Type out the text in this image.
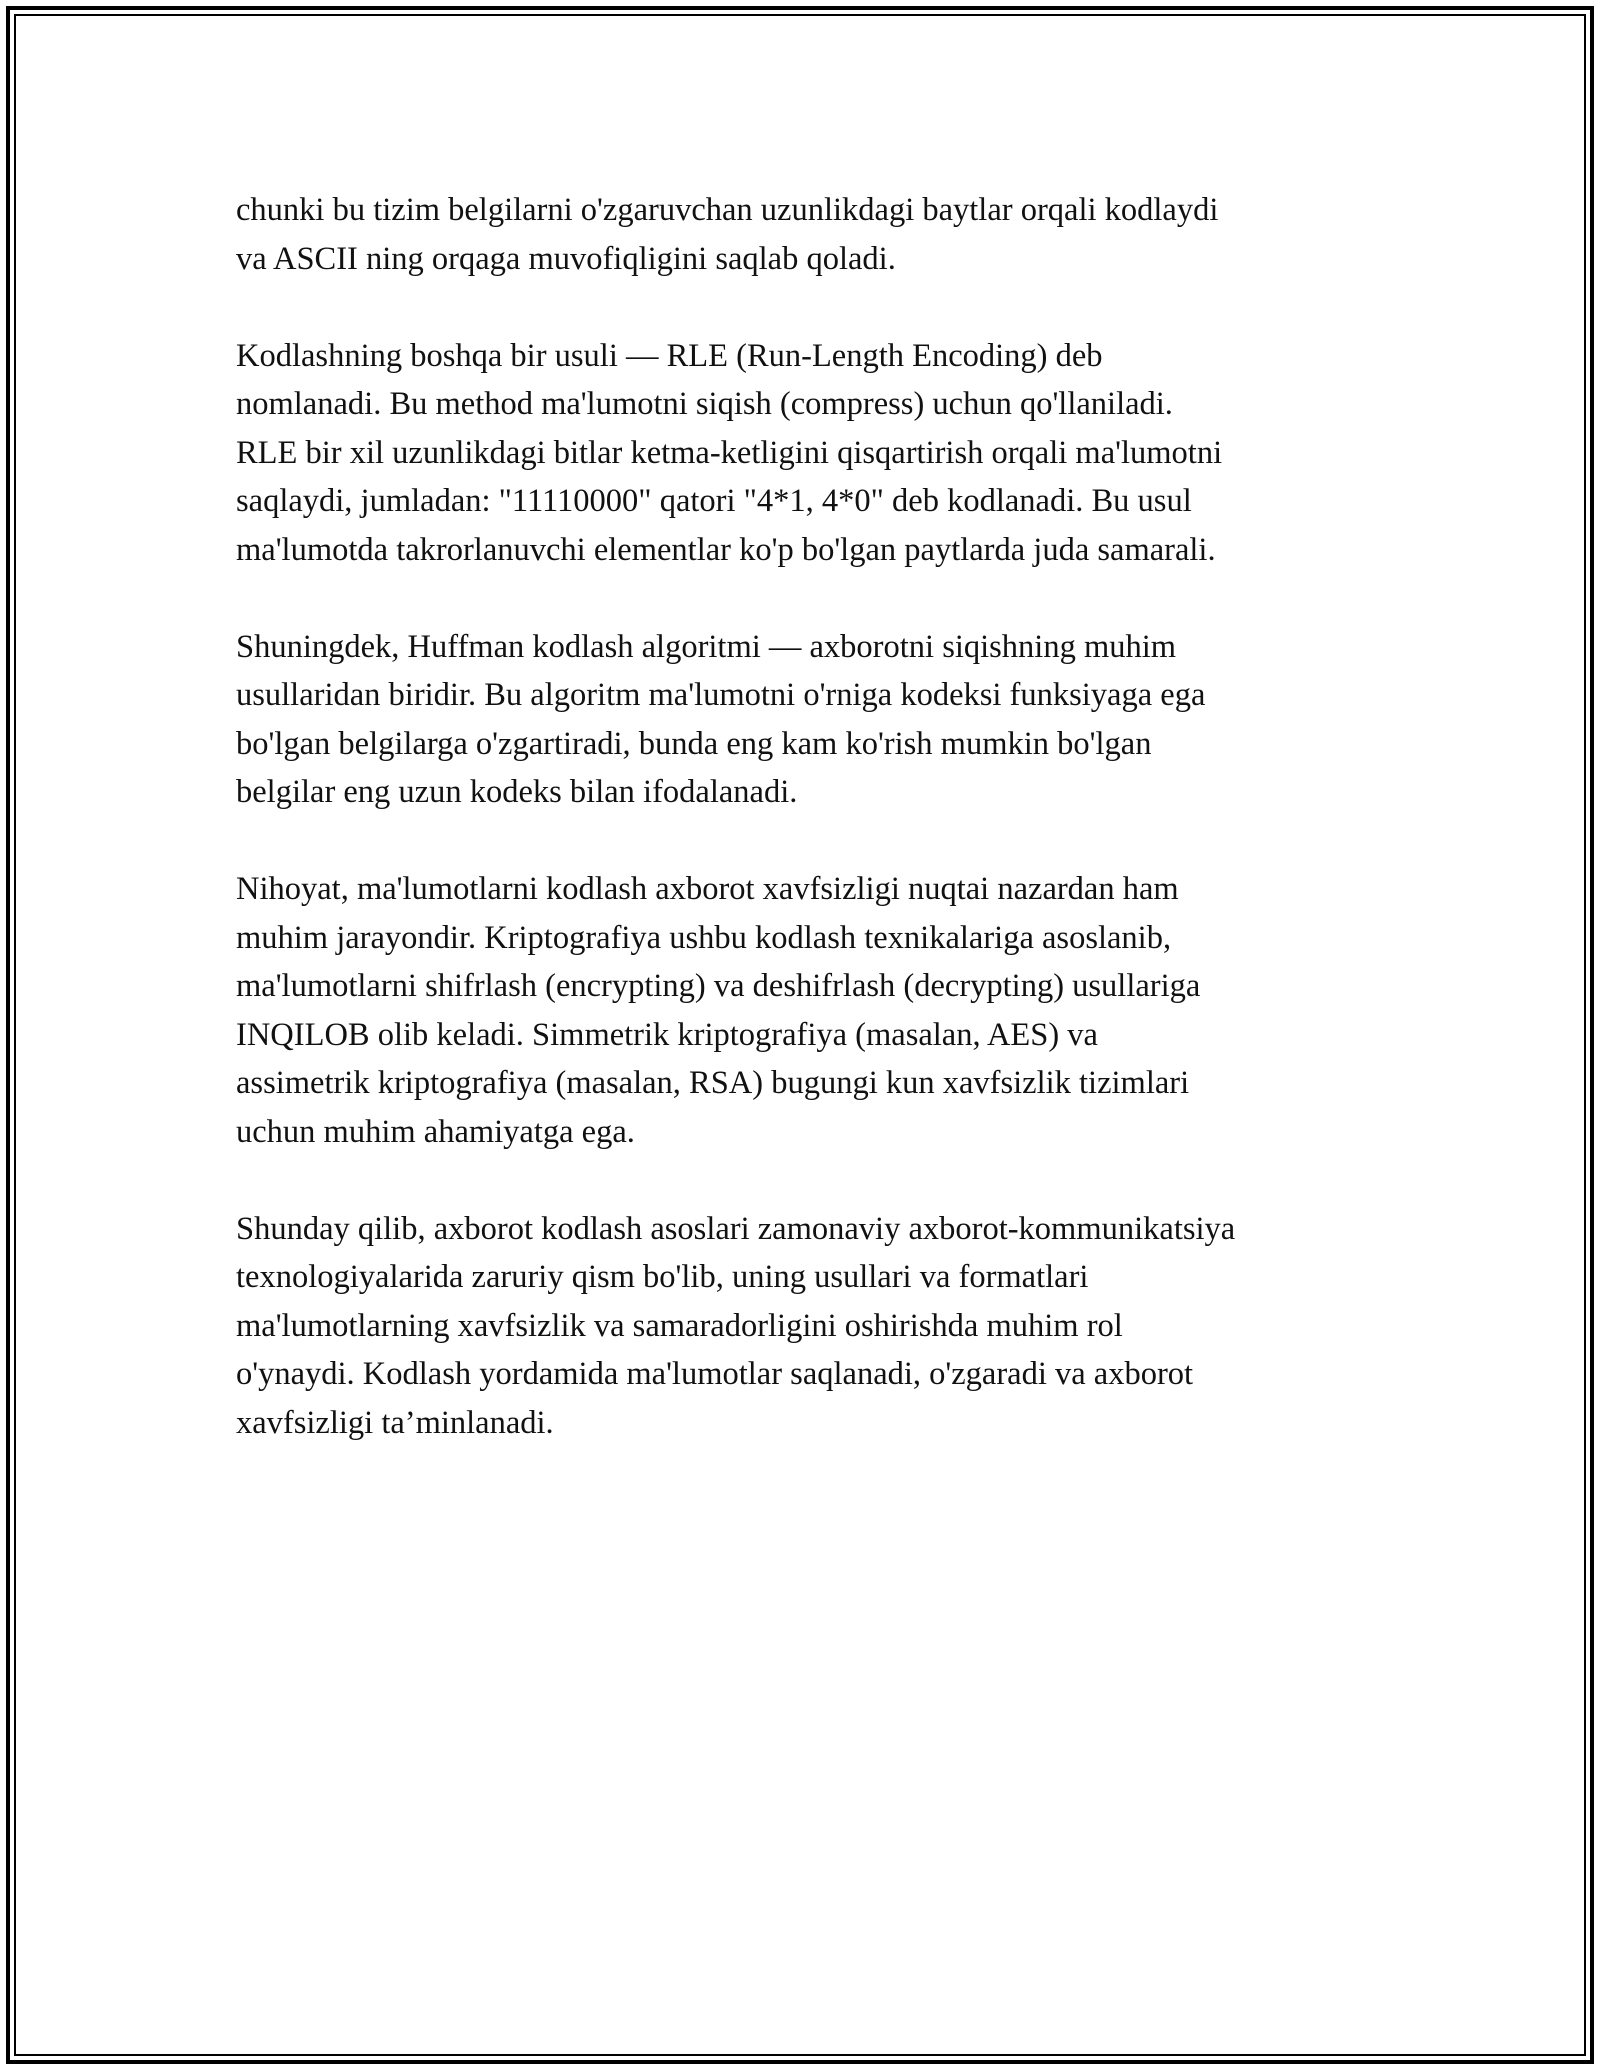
chunki bu tizim belgilarni o'zgaruvchan uzunlikdagi baytlar orqali kodlaydi
va ASCII ning orqaga muvofiqligini saqlab qoladi.

Kodlashning boshqa bir usuli — RLE (Run-Length Encoding) deb
nomlanadi. Bu method ma'lumotni siqish (compress) uchun qo'llaniladi.
RLE bir xil uzunlikdagi bitlar ketma-ketligini qisqartirish orqali ma'lumotni
saqlaydi, jumladan: "11110000" qatori "4*1, 4*0" deb kodlanadi. Bu usul
ma'lumotda takrorlanuvchi elementlar ko'p bo'lgan paytlarda juda samarali.

Shuningdek, Huffman kodlash algoritmi — axborotni siqishning muhim
usullaridan biridir. Bu algoritm ma'lumotni o'rniga kodeksi funksiyaga ega
bo'lgan belgilarga o'zgartiradi, bunda eng kam ko'rish mumkin bo'lgan
belgilar eng uzun kodeks bilan ifodalanadi.

Nihoyat, ma'lumotlarni kodlash axborot xavfsizligi nuqtai nazardan ham
muhim jarayondir. Kriptografiya ushbu kodlash texnikalariga asoslanib,
ma'lumotlarni shifrlash (encrypting) va deshifrlash (decrypting) usullariga
INQILOB olib keladi. Simmetrik kriptografiya (masalan, AES) va
assimetrik kriptografiya (masalan, RSA) bugungi kun xavfsizlik tizimlari
uchun muhim ahamiyatga ega.

Shunday qilib, axborot kodlash asoslari zamonaviy axborot-kommunikatsiya
texnologiyalarida zaruriy qism bo'lib, uning usullari va formatlari
ma'lumotlarning xavfsizlik va samaradorligini oshirishda muhim rol
o'ynaydi. Kodlash yordamida ma'lumotlar saqlanadi, o'zgaradi va axborot
xavfsizligi ta’minlanadi.
